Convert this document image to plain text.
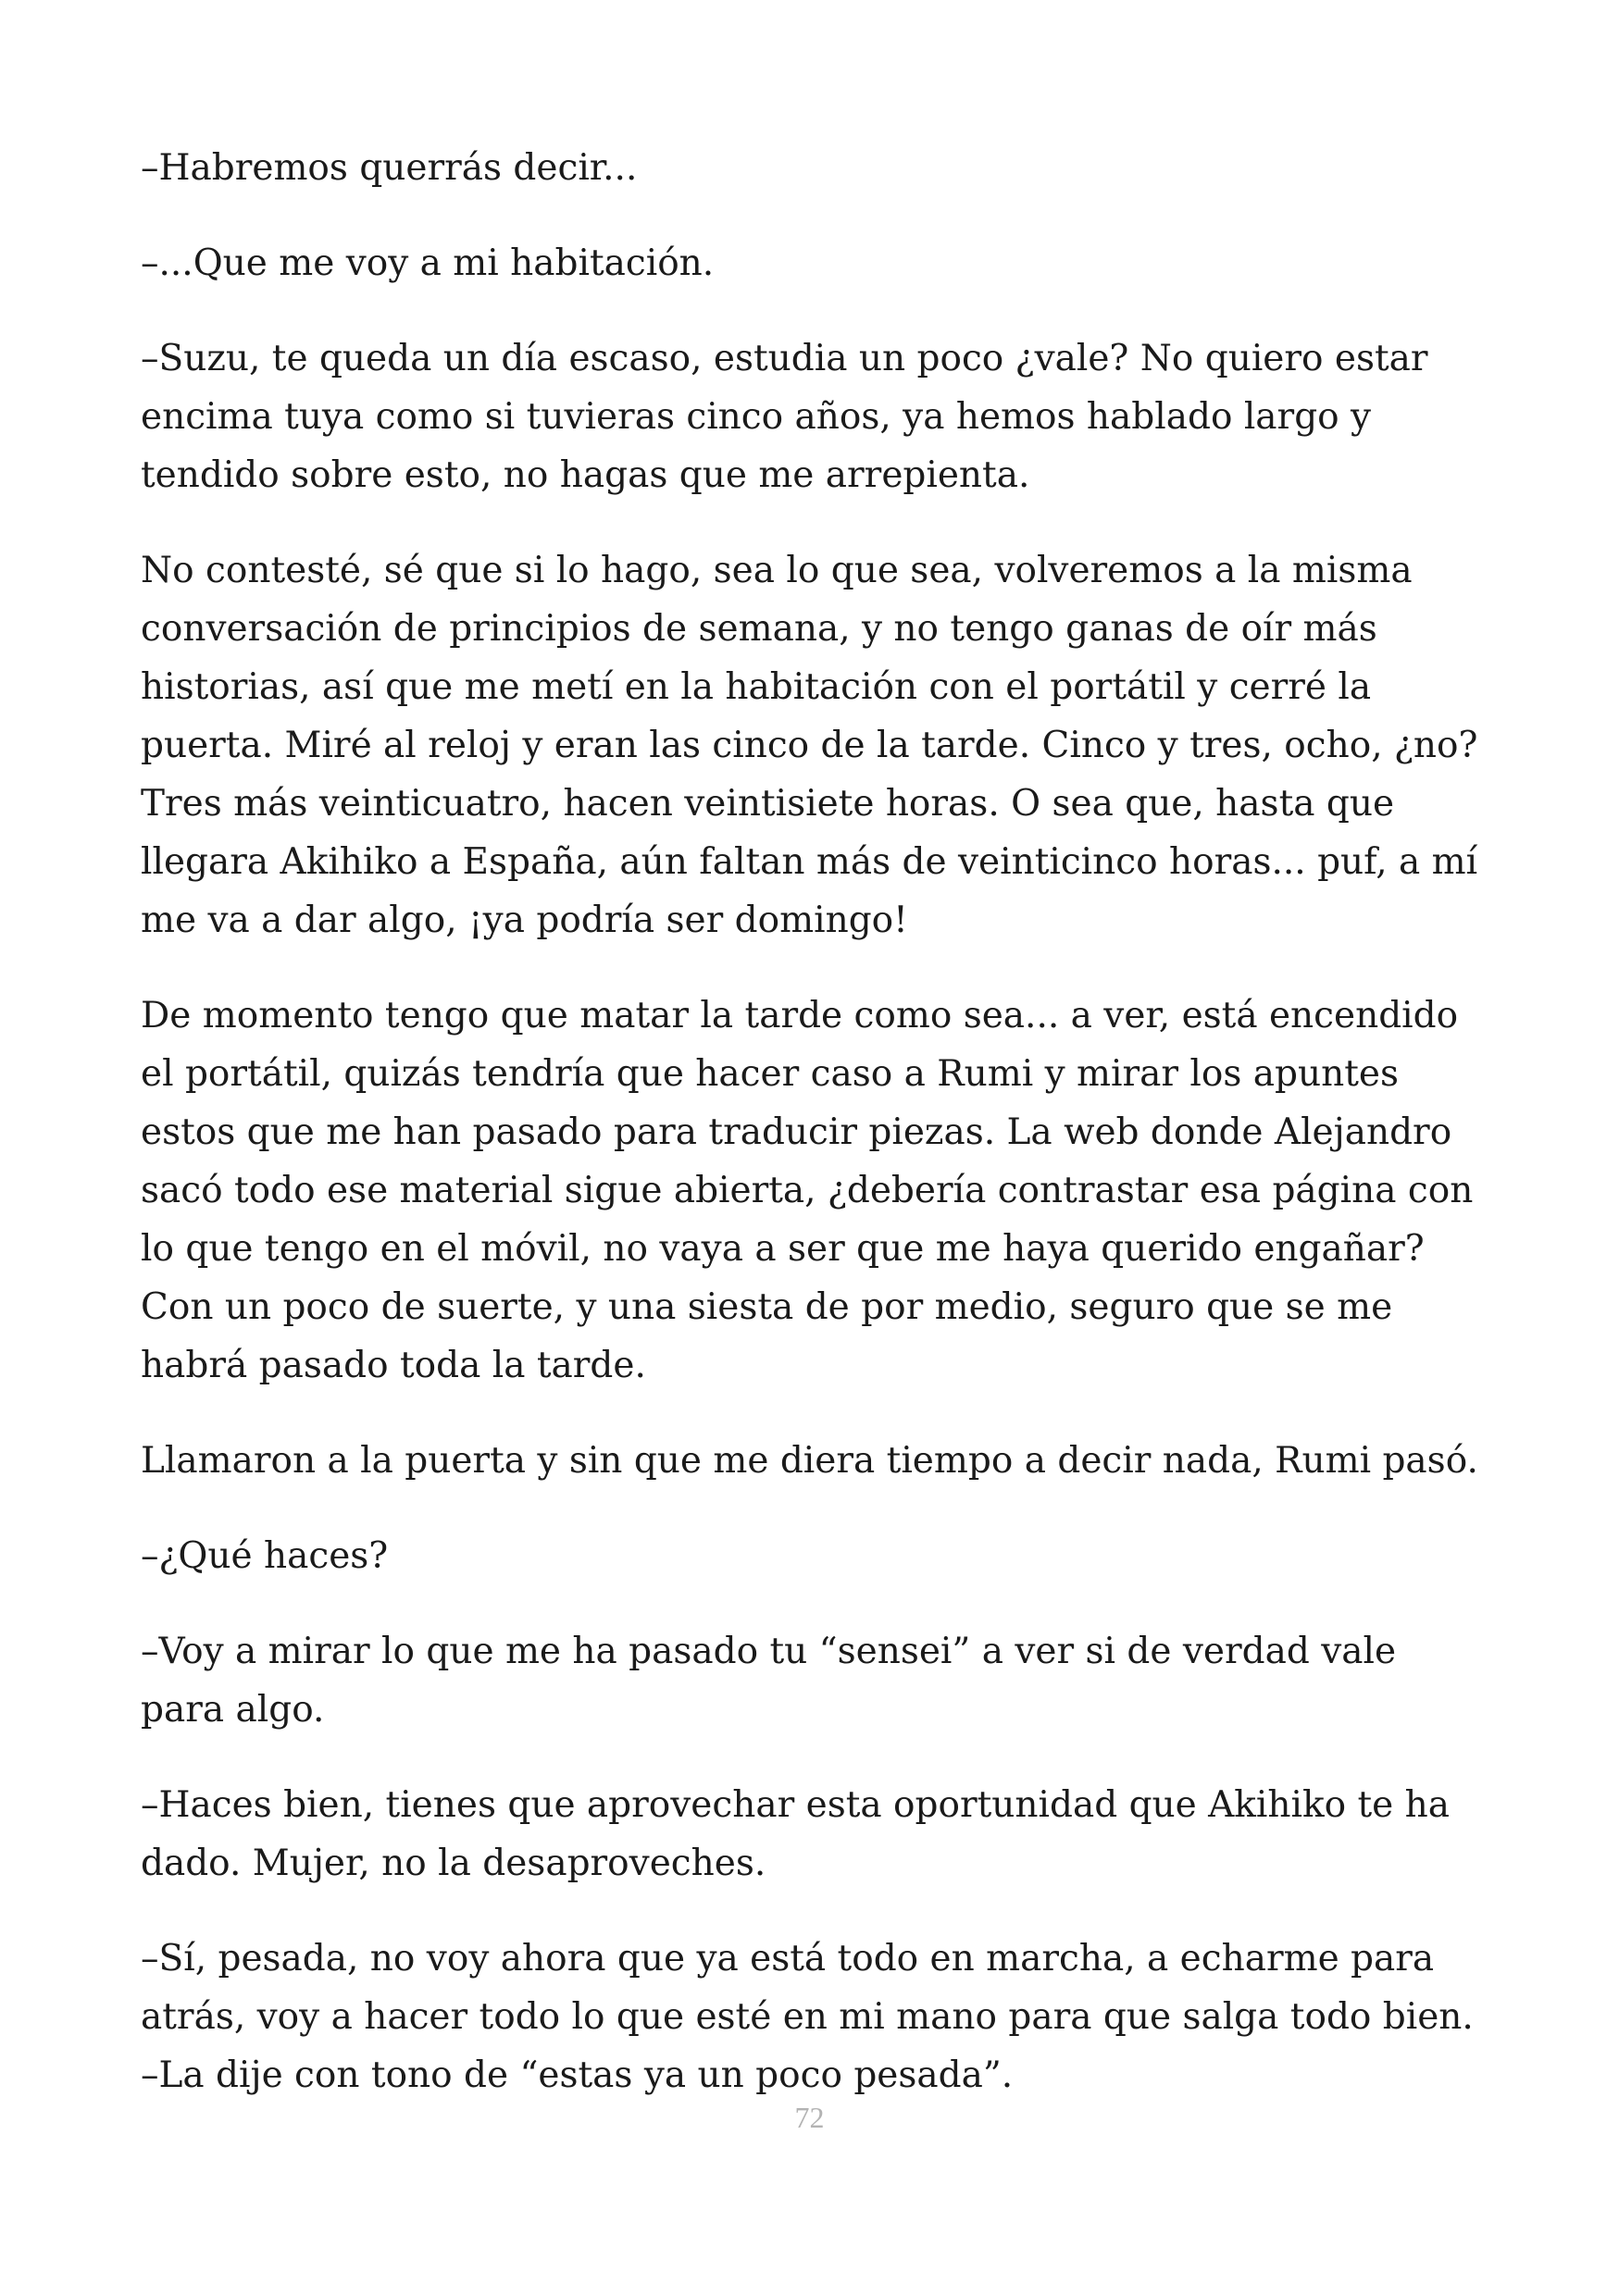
–Habremos querrás decir...

–...Que me voy a mi habitación.

–Suzu, te queda un día escaso, estudia un poco ¿vale? No quiero estar encima tuya como si tuvieras cinco años, ya hemos hablado largo y tendido sobre esto, no hagas que me arrepienta.

No contesté, sé que si lo hago, sea lo que sea, volveremos a la misma conversación de principios de semana, y no tengo ganas de oír más historias, así que me metí en la habitación con el portátil y cerré la puerta. Miré al reloj y eran las cinco de la tarde. Cinco y tres, ocho, ¿no? Tres más veinticuatro, hacen veintisiete horas. O sea que, hasta que llegara Akihiko a España, aún faltan más de veinticinco horas... puf, a mí me va a dar algo, ¡ya podría ser domingo!

De momento tengo que matar la tarde como sea... a ver, está encendido el portátil, quizás tendría que hacer caso a Rumi y mirar los apuntes estos que me han pasado para traducir piezas. La web donde Alejandro sacó todo ese material sigue abierta, ¿debería contrastar esa página con lo que tengo en el móvil, no vaya a ser que me haya querido engañar? Con un poco de suerte, y una siesta de por medio, seguro que se me habrá pasado toda la tarde.

Llamaron a la puerta y sin que me diera tiempo a decir nada, Rumi pasó.

–¿Qué haces?

–Voy a mirar lo que me ha pasado tu “sensei” a ver si de verdad vale para algo.

–Haces bien, tienes que aprovechar esta oportunidad que Akihiko te ha dado. Mujer, no la desaproveches.

–Sí, pesada, no voy ahora que ya está todo en marcha, a echarme para atrás, voy a hacer todo lo que esté en mi mano para que salga todo bien. –La dije con tono de “estas ya un poco pesada”.

72
